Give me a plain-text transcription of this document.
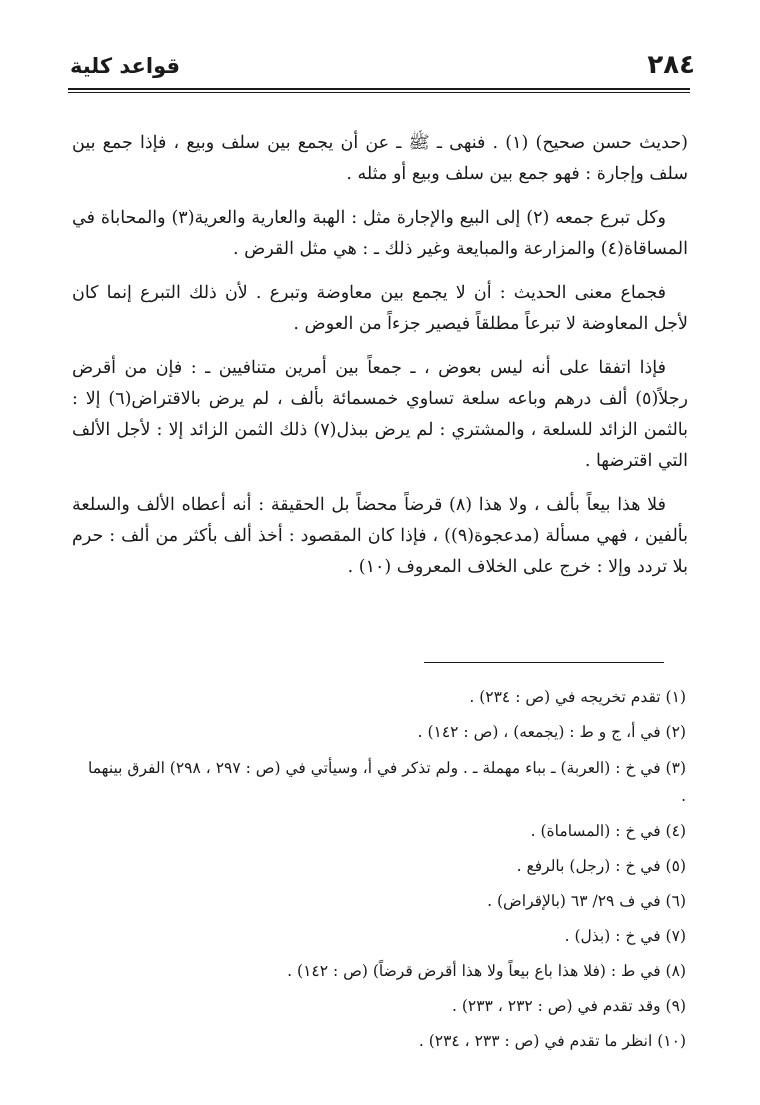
قواعد كلية	٢٨٤

(حديث حسن صحيح) (١) . فنهى ـ ﷺ ـ عن أن يجمع بين سلف وبيع ، فإذا جمع بين سلف وإجارة : فهو جمع بين سلف وبيع أو مثله .

وكل تبرع جمعه (٢) إلى البيع والإجارة مثل : الهبة والعارية والعرية(٣) والمحاباة في المساقاة(٤) والمزارعة والمبايعة وغير ذلك ـ : هي مثل القرض .

فجماع معنى الحديث : أن لا يجمع بين معاوضة وتبرع . لأن ذلك التبرع إنما كان لأجل المعاوضة لا تبرعاً مطلقاً فيصير جزءاً من العوض .

فإذا اتفقا على أنه ليس بعوض ، ـ جمعاً بين أمرين متنافيين ـ : فإن من أقرض رجلاً(٥) ألف درهم وباعه سلعة تساوي خمسمائة بألف ، لم يرض بالاقتراض(٦) إلا : بالثمن الزائد للسلعة ، والمشتري : لم يرض ببذل(٧) ذلك الثمن الزائد إلا : لأجل الألف التي اقترضها .

فلا هذا بيعاً بألف ، ولا هذا (٨) قرضاً محضاً بل الحقيقة : أنه أعطاه الألف والسلعة بألفين ، فهي مسألة (مدعجوة(٩)) ، فإذا كان المقصود : أخذ ألف بأكثر من ألف : حرم بلا تردد وإلا : خرج على الخلاف المعروف (١٠) .

(١) تقدم تخريجه في (ص : ٢٣٤) .
(٢) في أ، ج و ط : (يجمعه) ، (ص : ١٤٢) .
(٣) في خ : (العربة) ـ بباء مهملة ـ . ولم تذكر في أ، وسيأتي في (ص : ٢٩٧ ، ٢٩٨) الفرق بينهما .
(٤) في خ : (المساماة) .
(٥) في خ : (رجل) بالرفع .
(٦) في ف ٢٩/ ٦٣ (بالإقراض) .
(٧) في خ : (بذل) .
(٨) في ط : (فلا هذا باع بيعاً ولا هذا أقرض قرضاً) (ص : ١٤٢) .
(٩) وقد تقدم في (ص : ٢٣٢ ، ٢٣٣) .
(١٠) انظر ما تقدم في (ص : ٢٣٣ ، ٢٣٤) .
